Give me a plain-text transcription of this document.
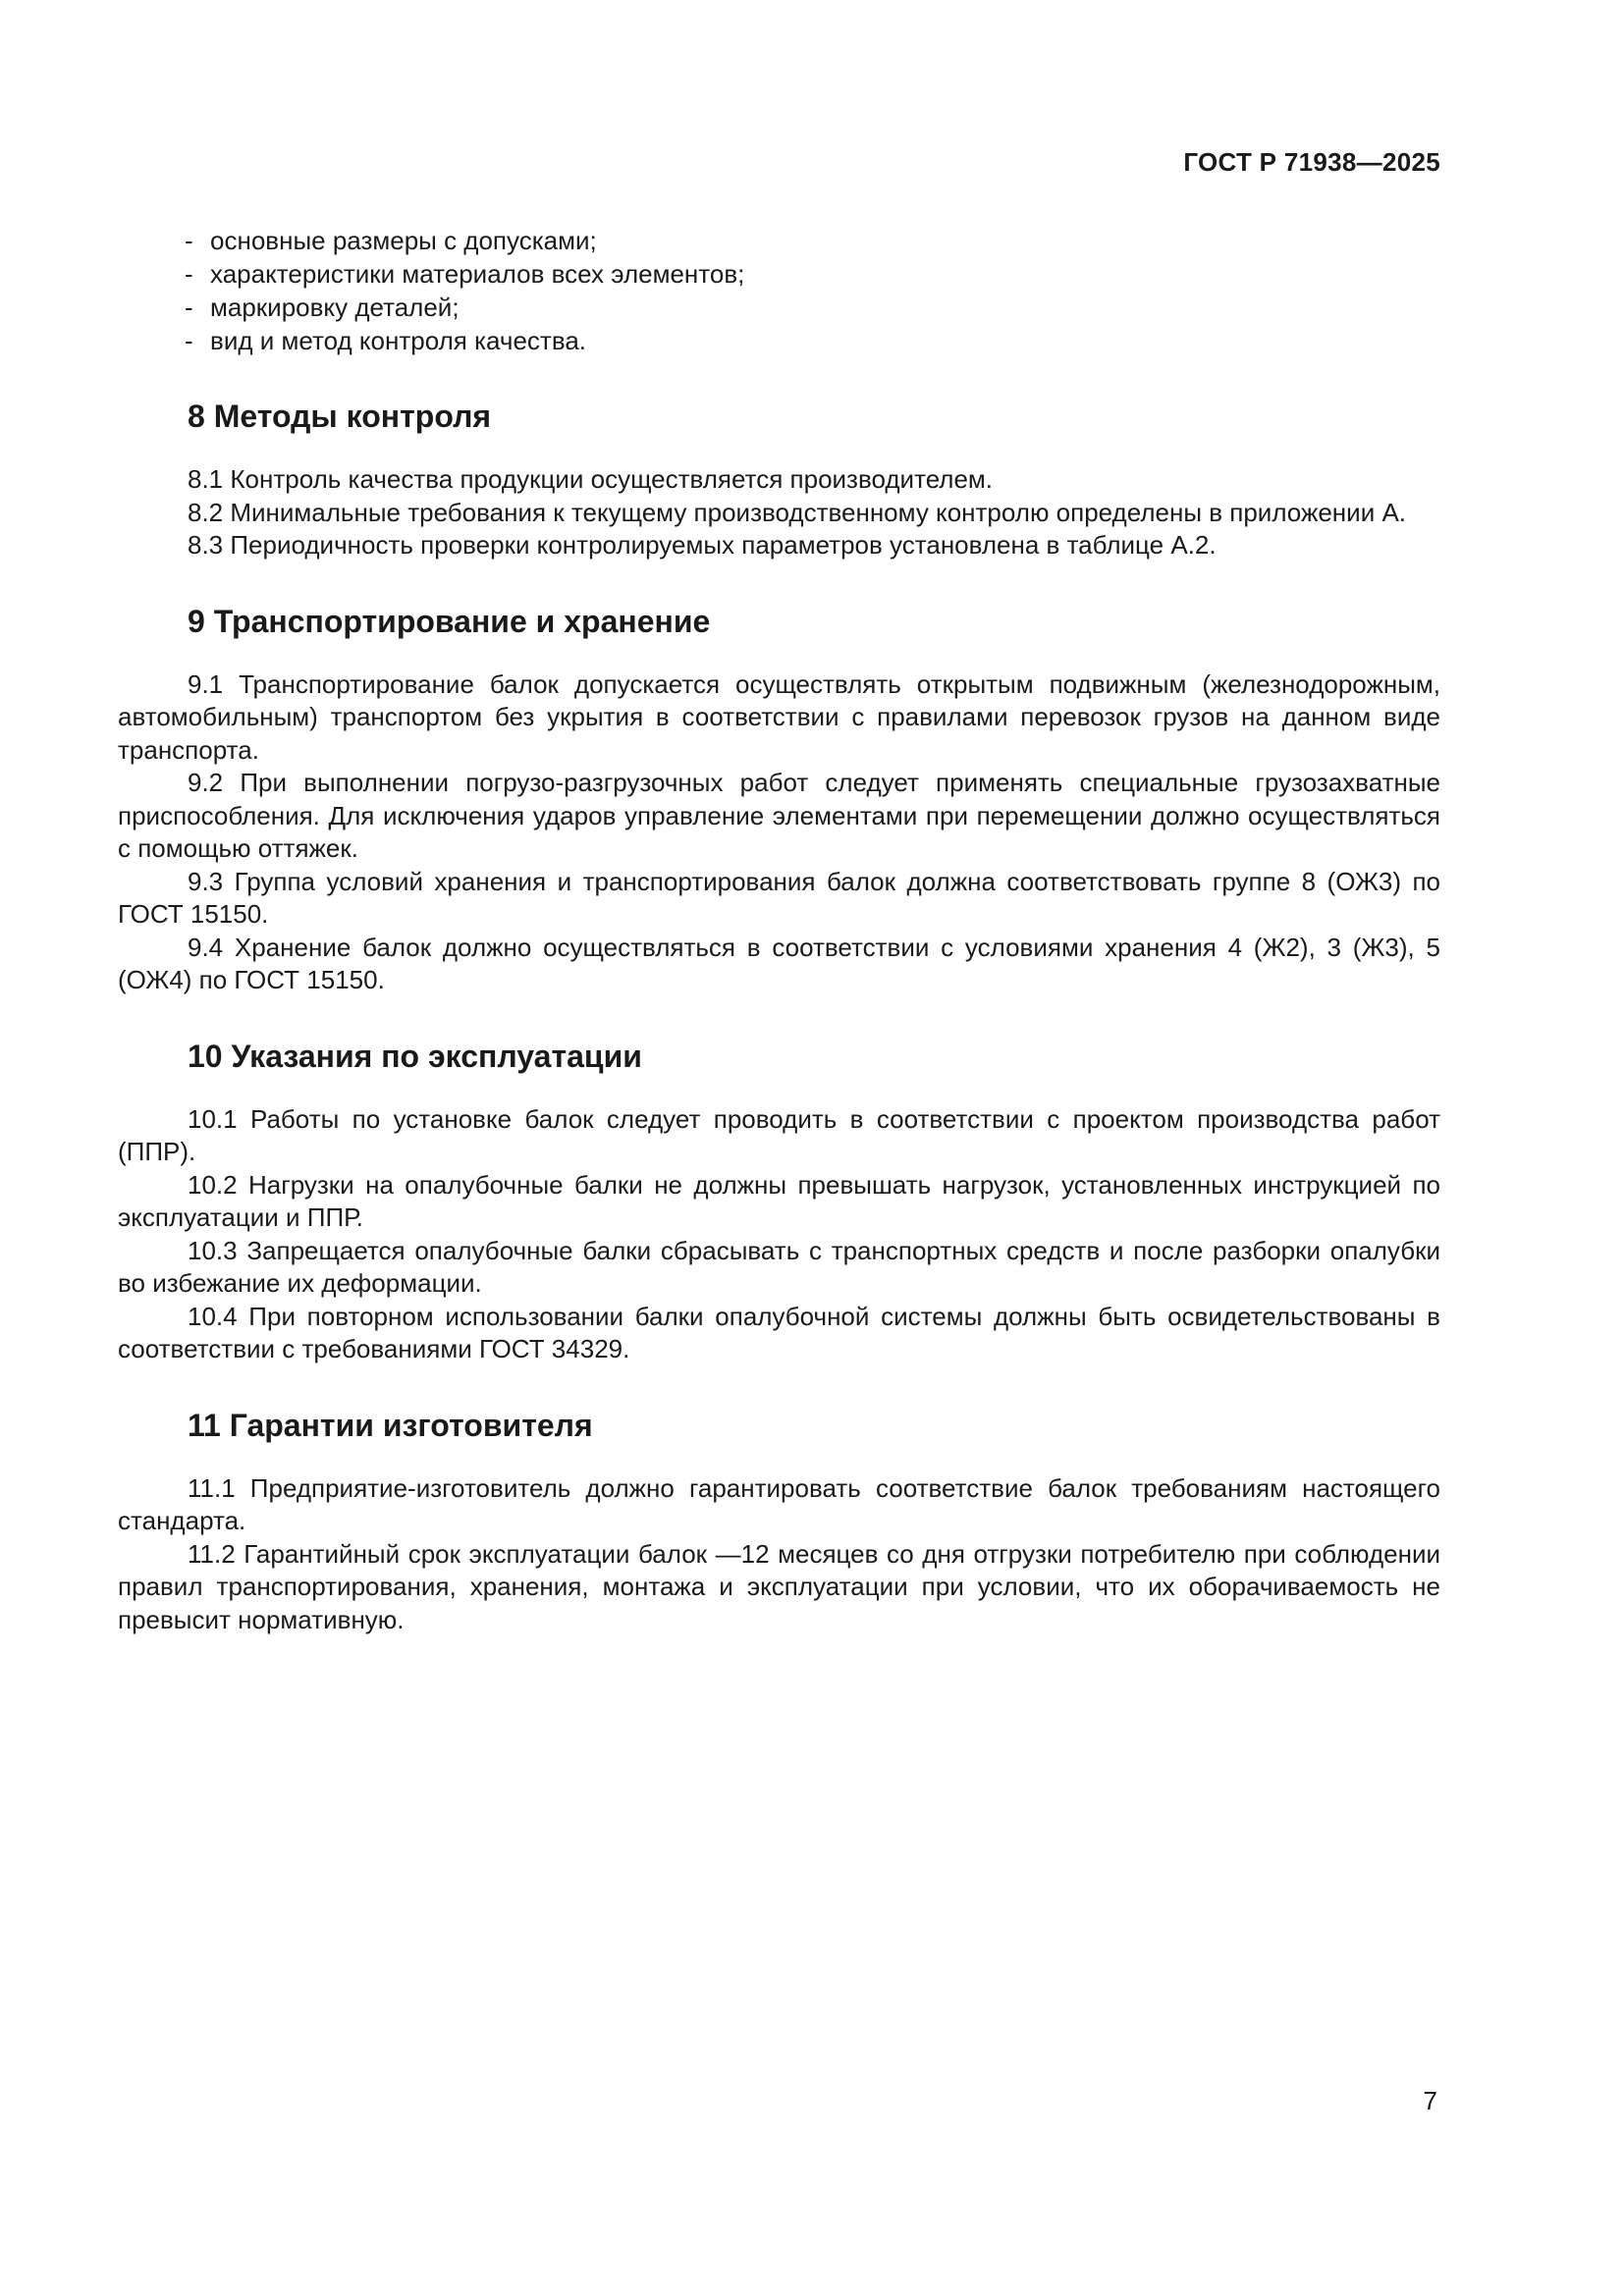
ГОСТ Р 71938—2025
- основные размеры с допусками;
- характеристики материалов всех элементов;
- маркировку деталей;
- вид и метод контроля качества.
8 Методы контроля

8.1 Контроль качества продукции осуществляется производителем.

8.2 Минимальные требования к текущему производственному контролю определены в приложении А.

8.3 Периодичность проверки контролируемых параметров установлена в таблице А.2.

9 Транспортирование и хранение

9.1 Транспортирование балок допускается осуществлять открытым подвижным (железнодорожным, автомобильным) транспортом без укрытия в соответствии с правилами перевозок грузов на данном виде транспорта.

9.2 При выполнении погрузо-разгрузочных работ следует применять специальные грузозахватные приспособления. Для исключения ударов управление элементами при перемещении должно осуществляться с помощью оттяжек.

9.3 Группа условий хранения и транспортирования балок должна соответствовать группе 8 (ОЖ3) по ГОСТ 15150.

9.4 Хранение балок должно осуществляться в соответствии с условиями хранения 4 (Ж2), 3 (Ж3), 5 (ОЖ4) по ГОСТ 15150.

10 Указания по эксплуатации

10.1 Работы по установке балок следует проводить в соответствии с проектом производства работ (ППР).

10.2 Нагрузки на опалубочные балки не должны превышать нагрузок, установленных инструкцией по эксплуатации и ППР.

10.3 Запрещается опалубочные балки сбрасывать с транспортных средств и после разборки опалубки во избежание их деформации.

10.4 При повторном использовании балки опалубочной системы должны быть освидетельствованы в соответствии с требованиями ГОСТ 34329.

11 Гарантии изготовителя

11.1 Предприятие-изготовитель должно гарантировать соответствие балок требованиям настоящего стандарта.

11.2 Гарантийный срок эксплуатации балок —12 месяцев со дня отгрузки потребителю при соблюдении правил транспортирования, хранения, монтажа и эксплуатации при условии, что их оборачиваемость не превысит нормативную.

7
